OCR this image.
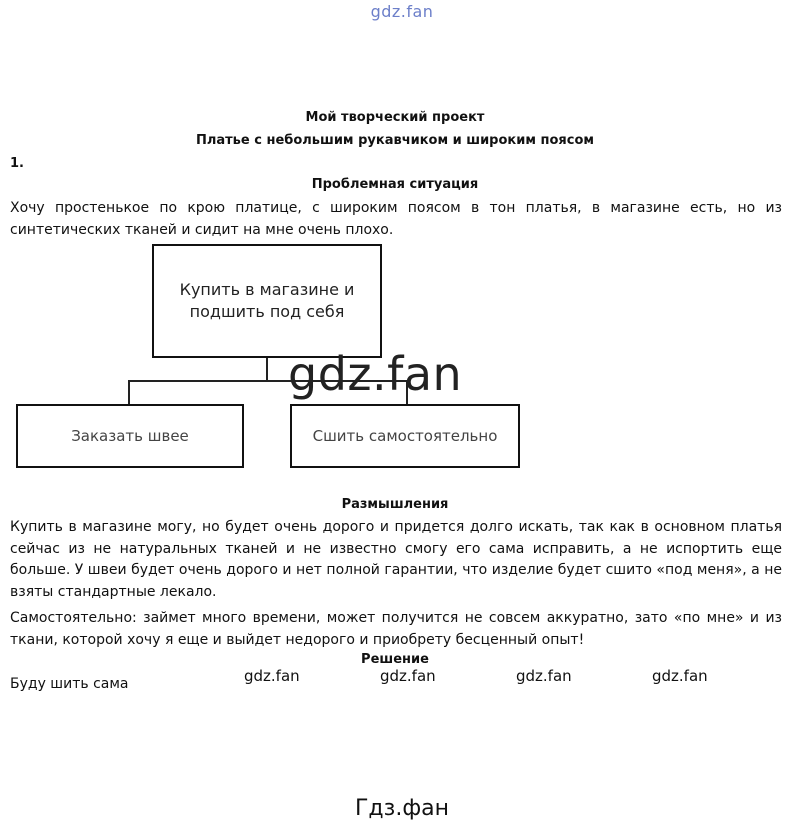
gdz.fan
Мой творческий проект
Платье с небольшим рукавчиком и широким поясом
1.
Проблемная ситуация
Хочу простенькое по крою платице, с широким поясом в тон платья, в магазине есть, но из синтетических тканей и сидит на мне очень плохо.
Купить в магазине и подшить под себя
Заказать швее	Сшить самостоятельно
gdz.fan
Размышления
Купить в магазине могу, но будет очень дорого и придется долго искать, так как в основном платья сейчас из не натуральных тканей и не известно смогу его сама исправить, а не испортить еще больше. У швеи будет очень дорого и нет полной гарантии, что изделие будет сшито «под меня», а не взяты стандартные лекало.
Самостоятельно: займет много времени, может получится не совсем аккуратно, зато «по мне» и из ткани, которой хочу я еще и выйдет недорого и приобрету бесценный опыт!
Решение
Буду шить сама	gdz.fan	gdz.fan	gdz.fan	gdz.fan
Гдз.фан
